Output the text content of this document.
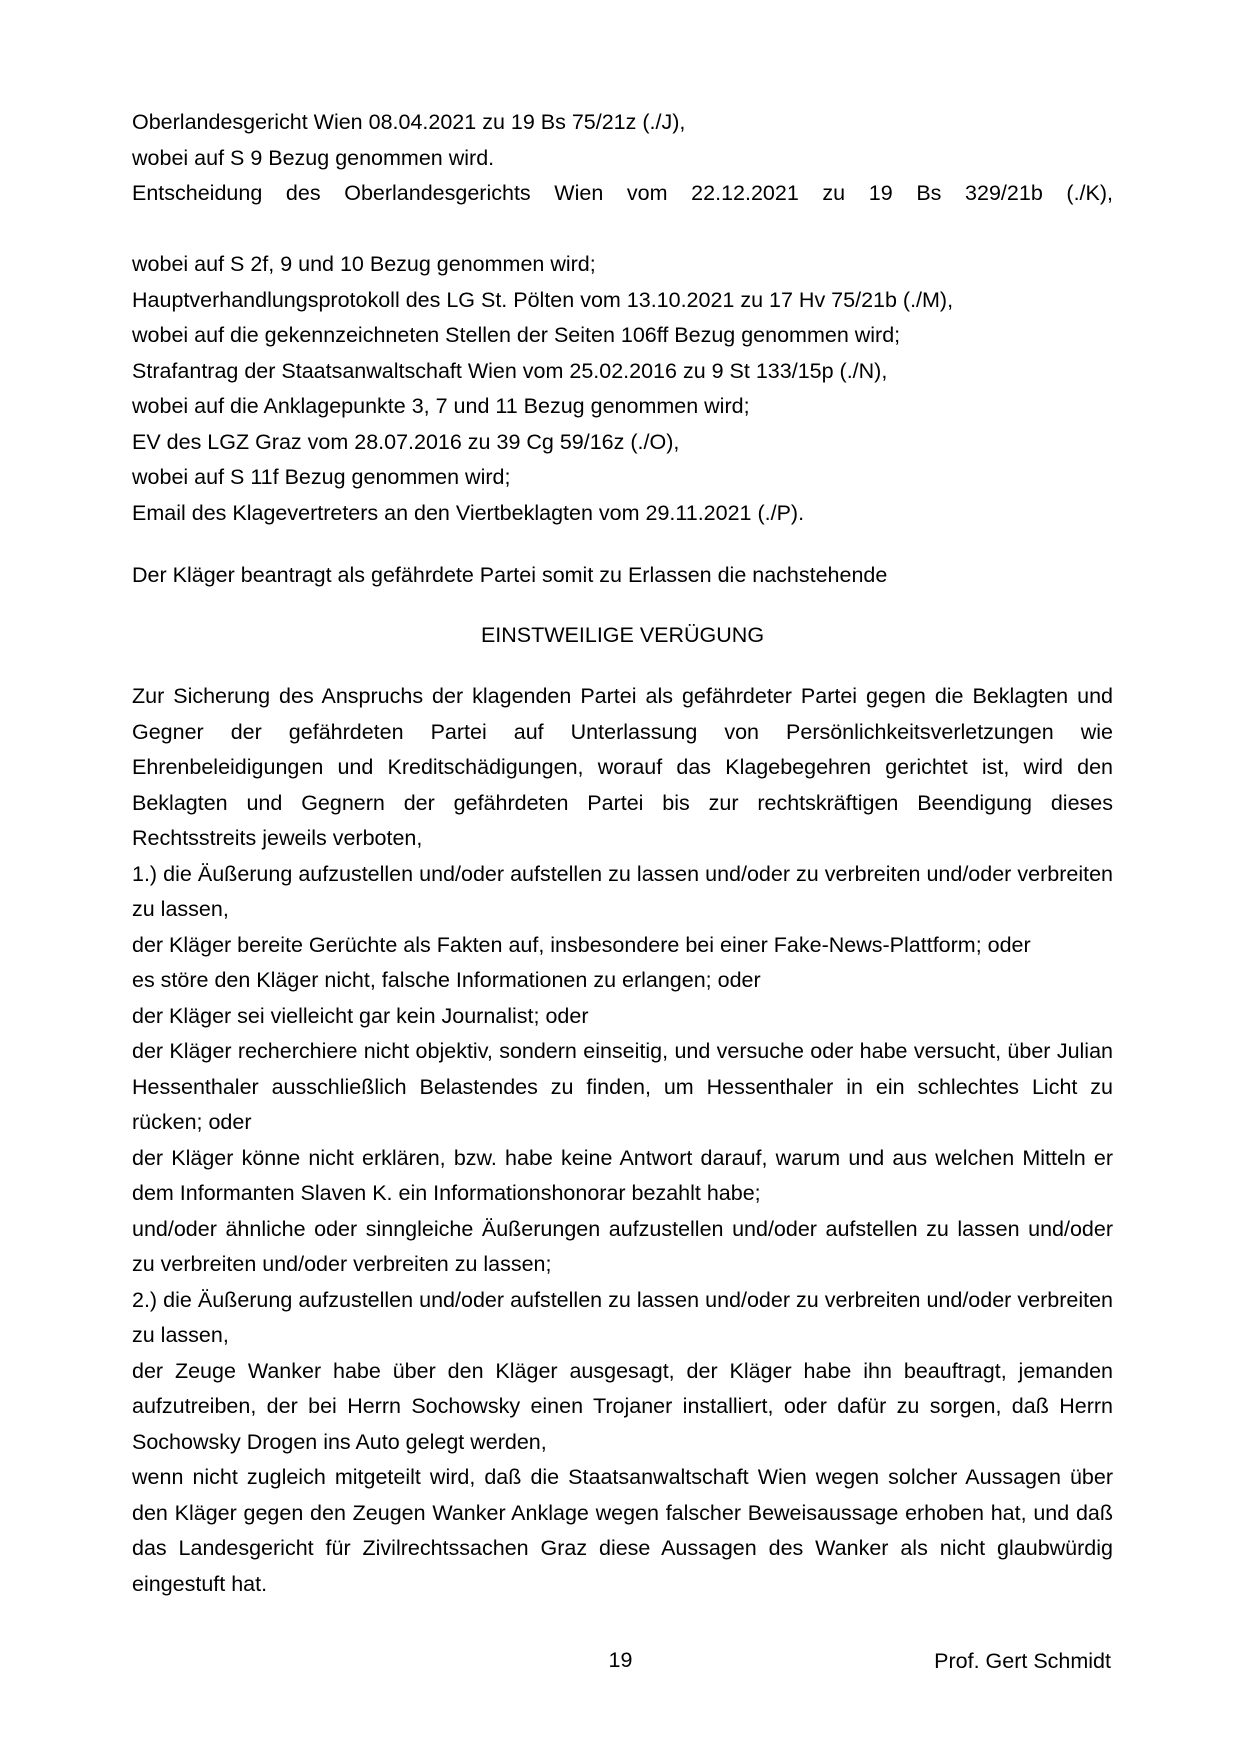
Oberlandesgericht Wien 08.04.2021 zu 19 Bs 75/21z (./J),
wobei auf S 9 Bezug genommen wird.
Entscheidung des Oberlandesgerichts Wien vom 22.12.2021 zu 19 Bs 329/21b (./K),
wobei auf S 2f, 9 und 10 Bezug genommen wird;
Hauptverhandlungsprotokoll des LG St. Pölten vom 13.10.2021 zu 17 Hv 75/21b (./M),
wobei auf die gekennzeichneten Stellen der Seiten 106ff Bezug genommen wird;
Strafantrag der Staatsanwaltschaft Wien vom 25.02.2016 zu 9 St 133/15p (./N),
wobei auf die Anklagepunkte 3, 7 und 11 Bezug genommen wird;
EV des LGZ Graz vom 28.07.2016 zu 39 Cg 59/16z (./O),
wobei auf S 11f Bezug genommen wird;
Email des Klagevertreters an den Viertbeklagten vom 29.11.2021 (./P).
Der Kläger beantragt als gefährdete Partei somit zu Erlassen die nachstehende
EINSTWEILIGE VERÜGUNG

Zur Sicherung des Anspruchs der klagenden Partei als gefährdeter Partei gegen die Beklagten und Gegner der gefährdeten Partei auf Unterlassung von Persönlichkeitsverletzungen wie Ehrenbeleidigungen und Kreditschädigungen, worauf das Klagebegehren gerichtet ist, wird den Beklagten und Gegnern der gefährdeten Partei bis zur rechtskräftigen Beendigung dieses Rechtsstreits jeweils verboten,

1.) die Äußerung aufzustellen und/oder aufstellen zu lassen und/oder zu verbreiten und/oder verbreiten zu lassen,

der Kläger bereite Gerüchte als Fakten auf, insbesondere bei einer Fake-News-Plattform; oder

es störe den Kläger nicht, falsche Informationen zu erlangen; oder

der Kläger sei vielleicht gar kein Journalist; oder

der Kläger recherchiere nicht objektiv, sondern einseitig, und versuche oder habe versucht, über Julian Hessenthaler ausschließlich Belastendes zu finden, um Hessenthaler in ein schlechtes Licht zu rücken; oder

der Kläger könne nicht erklären, bzw. habe keine Antwort darauf, warum und aus welchen Mitteln er dem Informanten Slaven K. ein Informationshonorar bezahlt habe;

und/oder ähnliche oder sinngleiche Äußerungen aufzustellen und/oder aufstellen zu lassen und/oder zu verbreiten und/oder verbreiten zu lassen;

2.) die Äußerung aufzustellen und/oder aufstellen zu lassen und/oder zu verbreiten und/oder verbreiten zu lassen,

der Zeuge Wanker habe über den Kläger ausgesagt, der Kläger habe ihn beauftragt, jemanden aufzutreiben, der bei Herrn Sochowsky einen Trojaner installiert, oder dafür zu sorgen, daß Herrn Sochowsky Drogen ins Auto gelegt werden,

wenn nicht zugleich mitgeteilt wird, daß die Staatsanwaltschaft Wien wegen solcher Aussagen über den Kläger gegen den Zeugen Wanker Anklage wegen falscher Beweisaussage erhoben hat, und daß das Landesgericht für Zivilrechtssachen Graz diese Aussagen des Wanker als nicht glaubwürdig eingestuft hat.

Prof. Gert Schmidt
19
